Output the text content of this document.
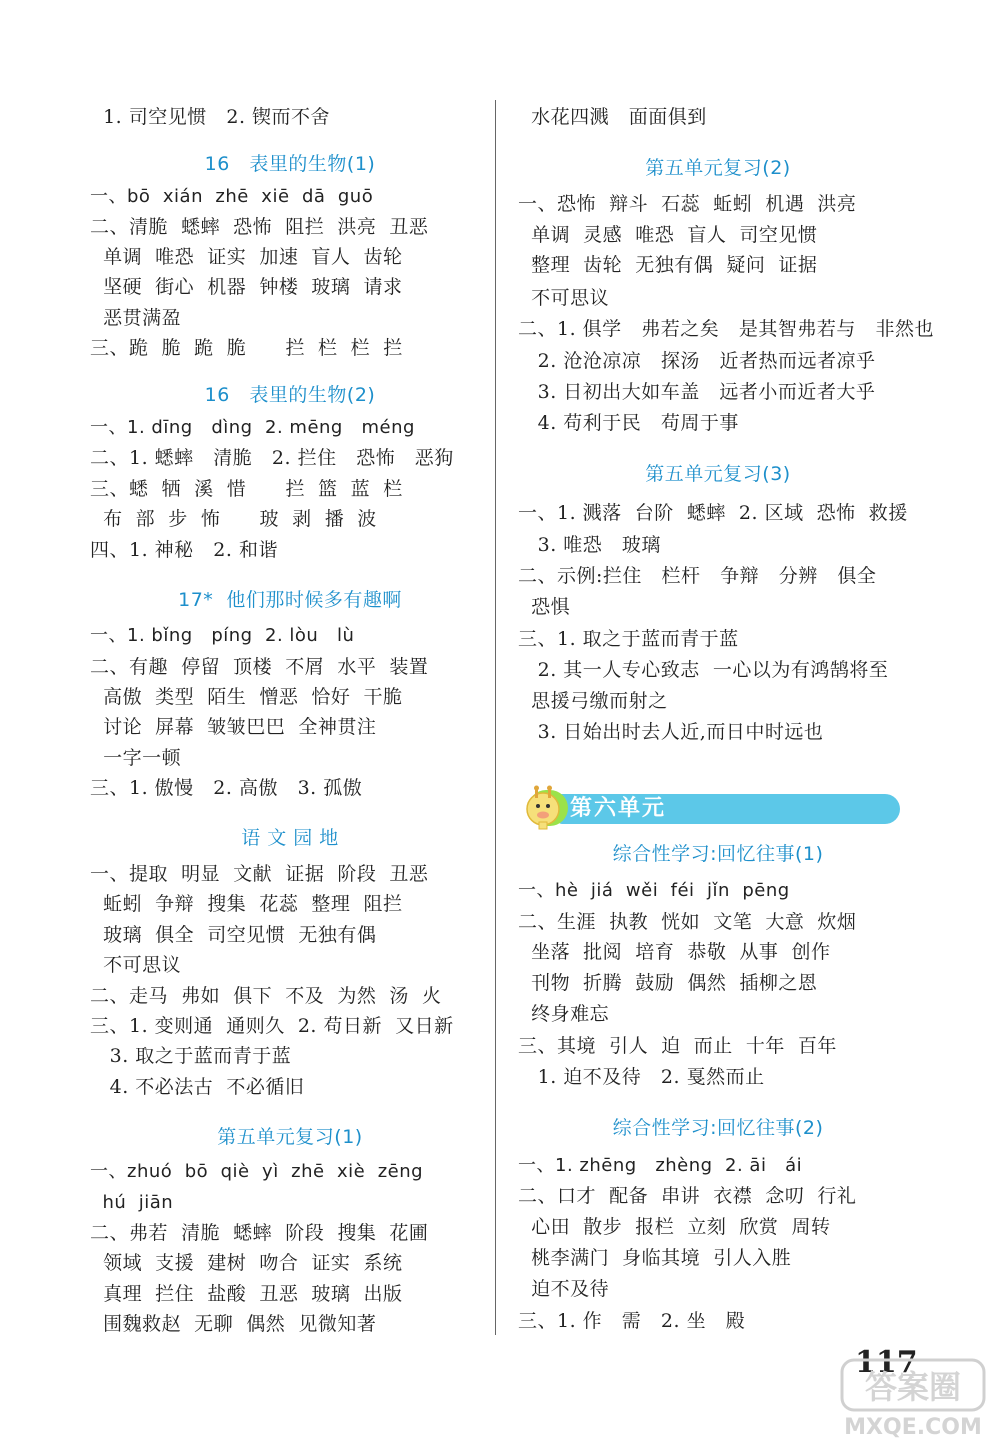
1. 司空见惯   2. 锲而不舍
16   表里的生物(1)
一、bō  xián  zhē  xiē  dā  guō
二、清脆  蟋蟀  恐怖  阻拦  洪亮  丑恶
单调  唯恐  证实  加速  盲人  齿轮
坚硬  街心  机器  钟楼  玻璃  请求
恶贯满盈
三、跪  脆  跪  脆      拦  栏  栏  拦
16   表里的生物(2)
一、1. dīng   dìng  2. mēng   méng
二、1. 蟋蟀   清脆   2. 拦住   恐怖   恶狗
三、蟋  牺  溪  惜      拦  篮  蓝  栏
布  部  步  怖      玻  剥  播  波
四、1. 神秘   2. 和谐
17*  他们那时候多有趣啊
一、1. bǐng   píng  2. lòu   lù
二、有趣  停留  顶楼  不屑  水平  装置
高傲  类型  陌生  憎恶  恰好  干脆
讨论  屏幕  皱皱巴巴  全神贯注
一字一顿
三、1. 傲慢   2. 高傲   3. 孤傲
语 文 园 地
一、提取  明显  文献  证据  阶段  丑恶
蚯蚓  争辩  搜集  花蕊  整理  阻拦
玻璃  俱全  司空见惯  无独有偶
不可思议
二、走马  弗如  俱下  不及  为然  汤  火
三、1. 变则通  通则久  2. 苟日新  又日新
3. 取之于蓝而青于蓝
4. 不必法古  不必循旧
第五单元复习(1)
一、zhuó  bō  qiè  yì  zhē  xiè  zēng
hú  jiān
二、弗若  清脆  蟋蟀  阶段  搜集  花圃
领域  支援  建树  吻合  证实  系统
真理  拦住  盐酸  丑恶  玻璃  出版
围魏救赵  无聊  偶然  见微知著
水花四溅   面面俱到
第五单元复习(2)
一、恐怖  辩斗  石蕊  蚯蚓  机遇  洪亮
单调  灵感  唯恐  盲人  司空见惯
整理  齿轮  无独有偶  疑问  证据
不可思议
二、1. 俱学   弗若之矣   是其智弗若与   非然也
2. 沧沧凉凉   探汤   近者热而远者凉乎
3. 日初出大如车盖   远者小而近者大乎
4. 苟利于民   苟周于事
第五单元复习(3)
一、1. 溅落  台阶  蟋蟀  2. 区域  恐怖  救援
3. 唯恐   玻璃
二、示例:拦住   栏杆   争辩   分辨   俱全
恐惧
三、1. 取之于蓝而青于蓝
2. 其一人专心致志  一心以为有鸿鹄将至
思援弓缴而射之
3. 日始出时去人近,而日中时远也
综合性学习:回忆往事(1)
一、hè  jiá  wěi  féi  jǐn  pēng
二、生涯  执教  恍如  文笔  大意  炊烟
坐落  批阅  培育  恭敬  从事  创作
刊物  折腾  鼓励  偶然  插柳之恩
终身难忘
三、其境  引人  迫  而止  十年  百年
1. 迫不及待   2. 戛然而止
综合性学习:回忆往事(2)
一、1. zhēng   zhèng  2. āi   ái
二、口才  配备  串讲  衣襟  念叨  行礼
心田  散步  报栏  立刻  欣赏  周转
桃李满门  身临其境  引人入胜
迫不及待
三、1. 作   需   2. 坐   殿
第六单元
117
答案圈
MXQE.COM
